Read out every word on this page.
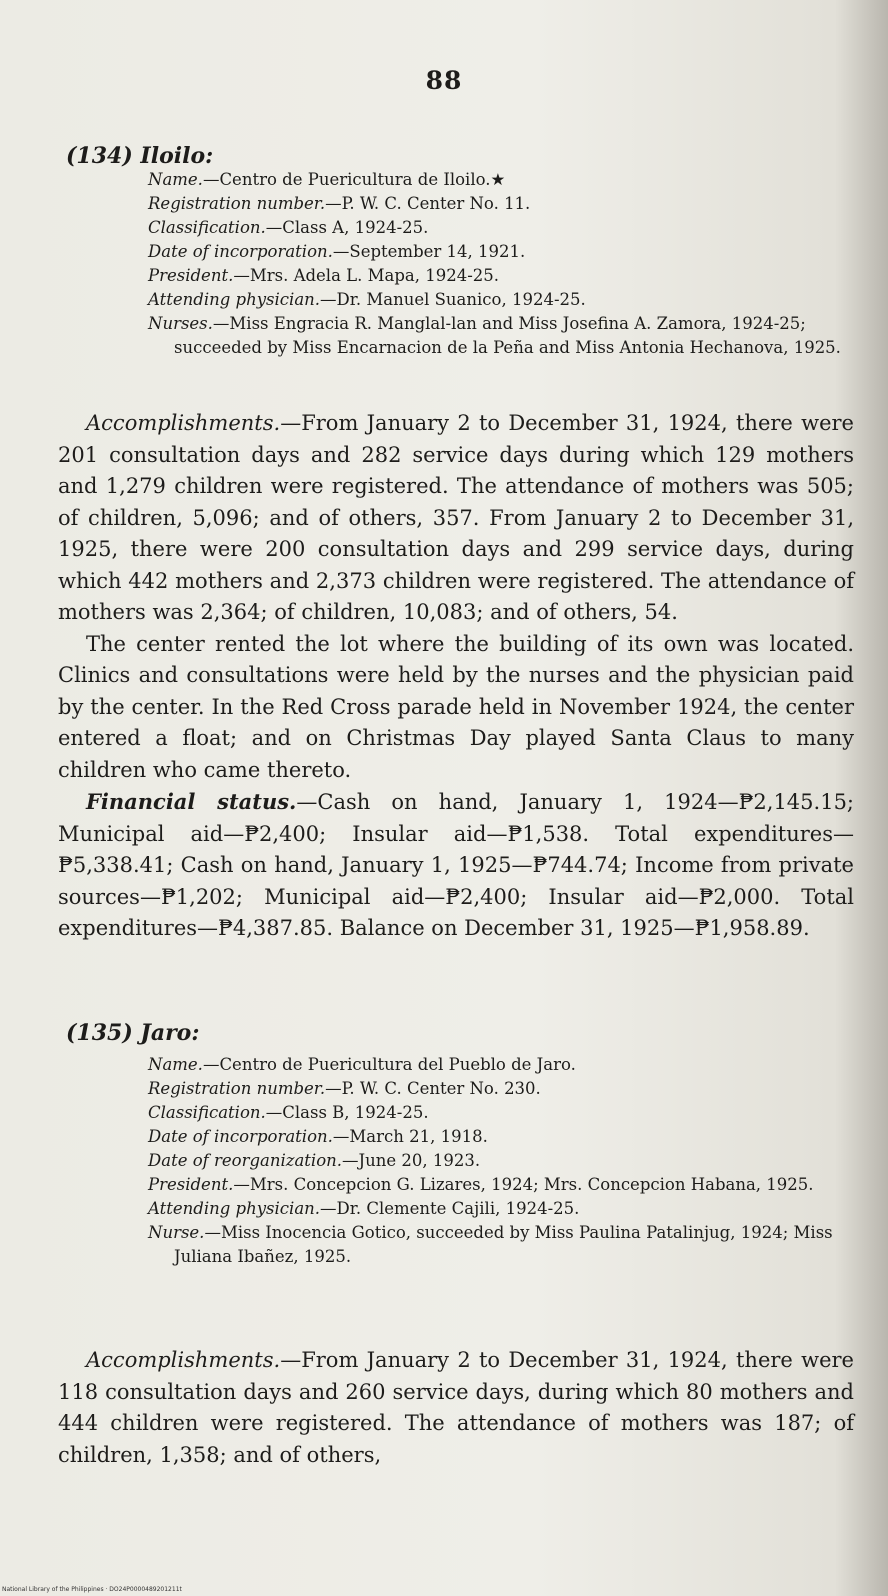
88
(134) Iloilo:

Name.—Centro de Puericultura de Iloilo.★

Registration number.—P. W. C. Center No. 11.

Classification.—Class A, 1924-25.

Date of incorporation.—September 14, 1921.

President.—Mrs. Adela L. Mapa, 1924-25.

Attending physician.—Dr. Manuel Suanico, 1924-25.

Nurses.—Miss Engracia R. Manglal-lan and Miss Josefina A. Zamora, 1924-25; succeeded by Miss Encarnacion de la Peña and Miss Antonia Hechanova, 1925.

Accomplishments.—From January 2 to December 31, 1924, there were 201 consultation days and 282 service days during which 129 mothers and 1,279 children were registered. The attendance of mothers was 505; of children, 5,096; and of others, 357. From January 2 to December 31, 1925, there were 200 consultation days and 299 service days, during which 442 mothers and 2,373 children were registered. The attendance of mothers was 2,364; of children, 10,083; and of others, 54.

The center rented the lot where the building of its own was located. Clinics and consultations were held by the nurses and the physician paid by the center. In the Red Cross parade held in November 1924, the center entered a float; and on Christmas Day played Santa Claus to many children who came thereto.

Financial status.—Cash on hand, January 1, 1924—₱2,145.15; Municipal aid—₱2,400; Insular aid—₱1,538. Total expenditures—₱5,338.41; Cash on hand, January 1, 1925—₱744.74; Income from private sources—₱1,202; Municipal aid—₱2,400; Insular aid—₱2,000. Total expenditures—₱4,387.85. Balance on December 31, 1925—₱1,958.89.

(135) Jaro:

Name.—Centro de Puericultura del Pueblo de Jaro.

Registration number.—P. W. C. Center No. 230.

Classification.—Class B, 1924-25.

Date of incorporation.—March 21, 1918.

Date of reorganization.—June 20, 1923.

President.—Mrs. Concepcion G. Lizares, 1924; Mrs. Concepcion Habana, 1925.

Attending physician.—Dr. Clemente Cajili, 1924-25.

Nurse.—Miss Inocencia Gotico, succeeded by Miss Paulina Patalinjug, 1924; Miss Juliana Ibañez, 1925.

Accomplishments.—From January 2 to December 31, 1924, there were 118 consultation days and 260 service days, during which 80 mothers and 444 children were registered. The attendance of mothers was 187; of children, 1,358; and of others,

National Library of the Philippines · DO24P0000489201211t
